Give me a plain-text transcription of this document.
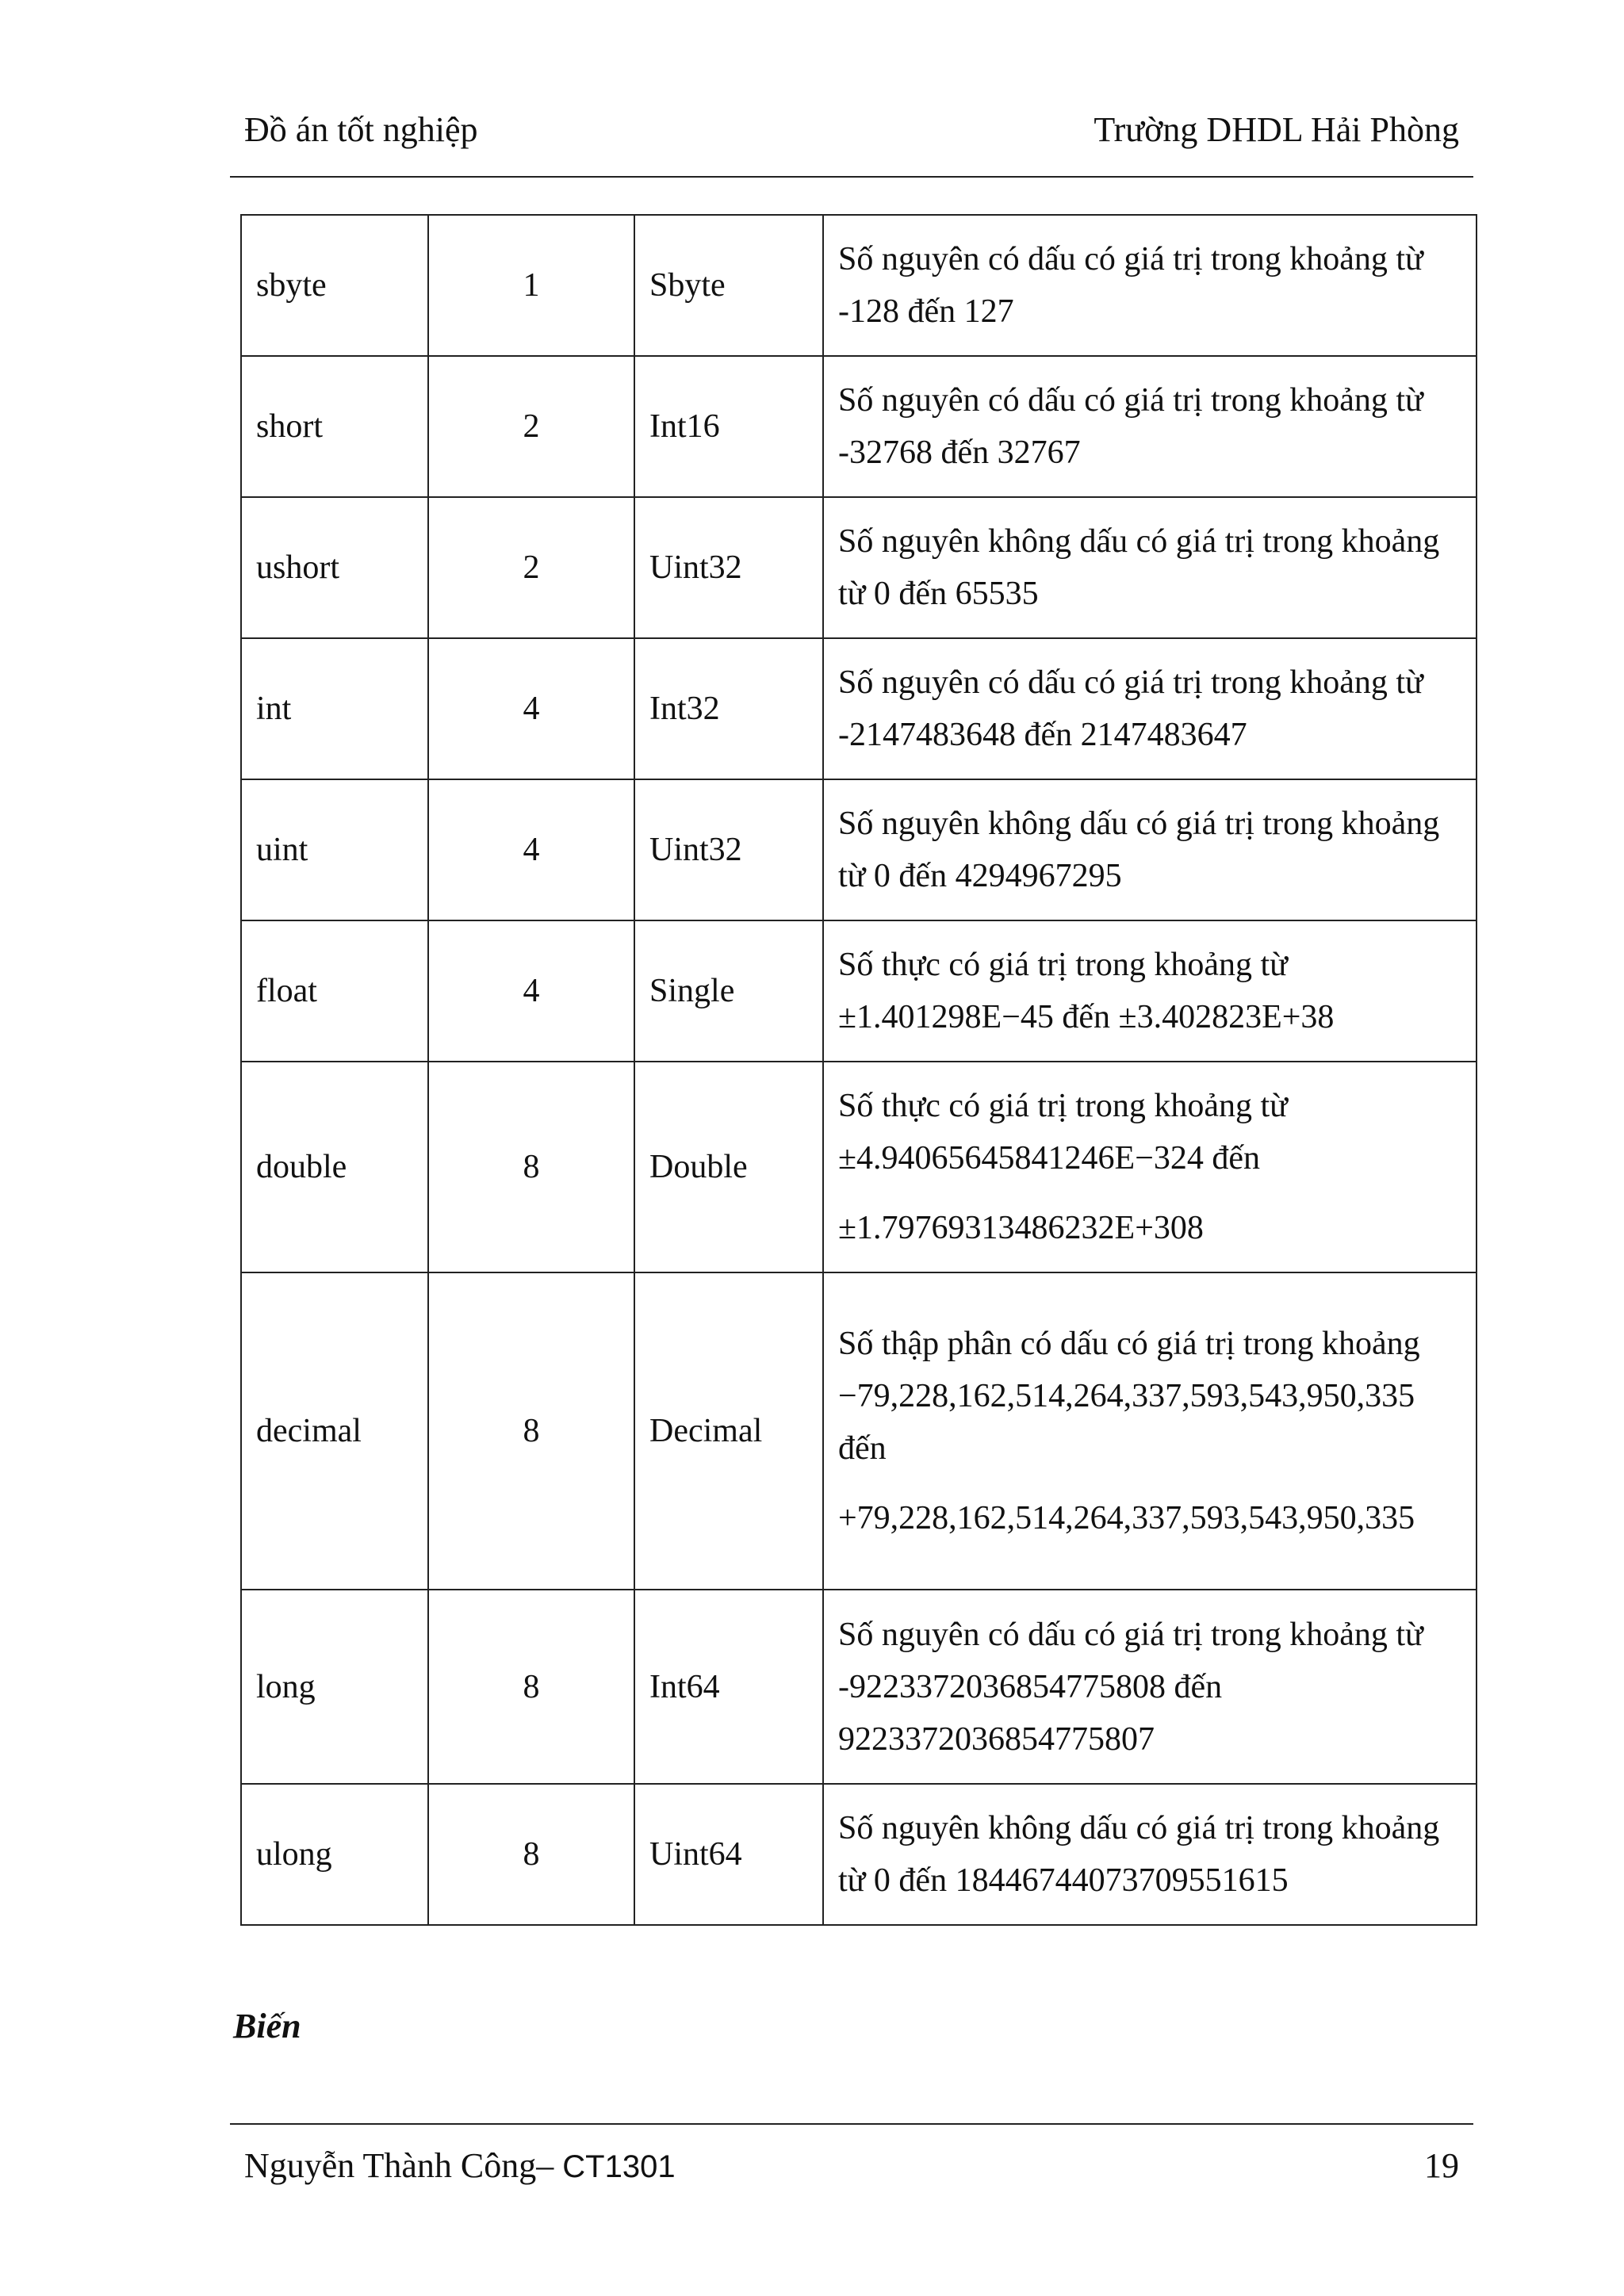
Đồ án tốt nghiệp	Trường DHDL Hải Phòng
sbyte	1	Sbyte	Số nguyên có dấu có giá trị trong khoảng từ -128 đến 127

short	2	Int16	Số nguyên có dấu có giá trị trong khoảng từ -32768 đến 32767

ushort	2	Uint32	Số nguyên không dấu có giá trị trong khoảng từ 0 đến 65535

int	4	Int32	Số nguyên có dấu có giá trị trong khoảng từ -2147483648 đến 2147483647

uint	4	Uint32	Số nguyên không dấu có giá trị trong khoảng từ 0 đến 4294967295

float	4	Single	Số thực có giá trị trong khoảng từ ±1.401298E−45 đến ±3.402823E+38

double	8	Double	Số thực có giá trị trong khoảng từ ±4.94065645841246E−324 đến
±1.79769313486232E+308

decimal	8	Decimal	Số thập phân có dấu có giá trị trong khoảng −79,228,162,514,264,337,593,543,950,335 đến
+79,228,162,514,264,337,593,543,950,335

long	8	Int64	Số nguyên có dấu có giá trị trong khoảng từ -9223372036854775808 đến 9223372036854775807

ulong	8	Uint64	Số nguyên không dấu có giá trị trong khoảng từ 0 đến 18446744073709551615
Biến
Nguyễn Thành Công– CT1301	19
